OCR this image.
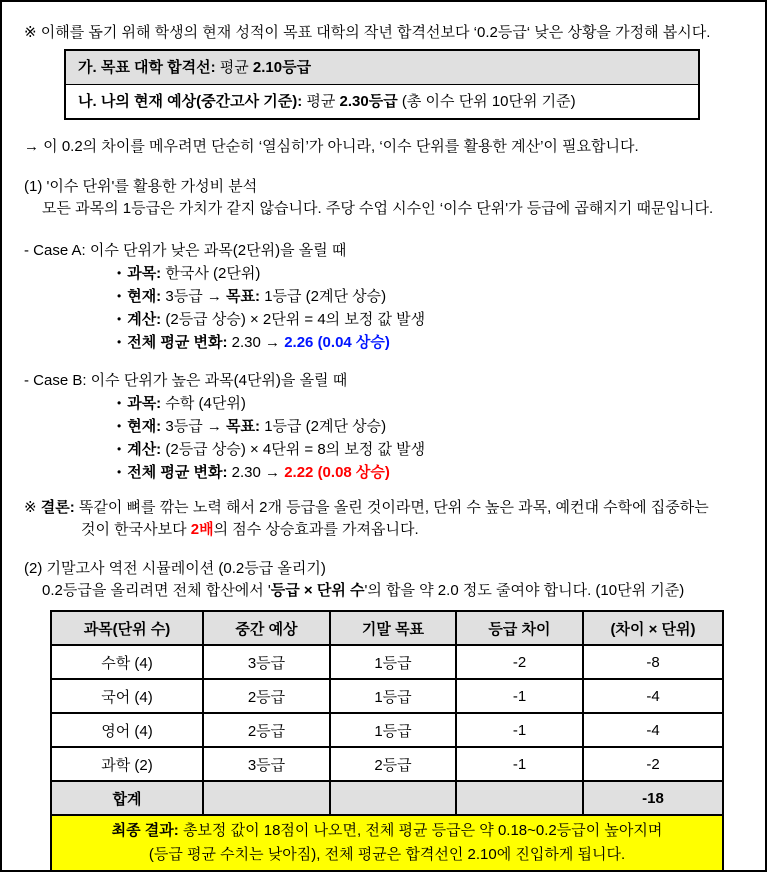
※ 이해를 돕기 위해 학생의 현재 성적이 목표 대학의 작년 합격선보다 ‘0.2등급‘ 낮은 상황을 가정해 봅시다.
가. 목표 대학 합격선: 평균 2.10등급
나. 나의 현재 예상(중간고사 기준): 평균 2.30등급 (총 이수 단위 10단위 기준)
→ 이 0.2의 차이를 메우려면 단순히 ‘열심히’가 아니라, ‘이수 단위를 활용한 계산’이 필요합니다.
(1) '이수 단위'를 활용한 가성비 분석
모든 과목의 1등급은 가치가 같지 않습니다. 주당 수업 시수인 ‘이수 단위'가 등급에 곱해지기 때문입니다.
- Case A: 이수 단위가 낮은 과목(2단위)을 올릴 때
• 과목: 한국사 (2단위)
• 현재: 3등급 → 목표: 1등급 (2계단 상승)
• 계산: (2등급 상승) × 2단위 = 4의 보정 값 발생
• 전체 평균 변화: 2.30 → 2.26 (0.04 상승)
- Case B: 이수 단위가 높은 과목(4단위)을 올릴 때
• 과목: 수학 (4단위)
• 현재: 3등급 → 목표: 1등급 (2계단 상승)
• 계산: (2등급 상승) × 4단위 = 8의 보정 값 발생
• 전체 평균 변화: 2.30 → 2.22 (0.08 상승)
※ 결론: 똑같이 뼈를 깎는 노력 해서 2개 등급을 올린 것이라면, 단위 수 높은 과목, 예컨대 수학에 집중하는
것이 한국사보다 2배의 점수 상승효과를 가져옵니다.
(2) 기말고사 역전 시뮬레이션 (0.2등급 올리기)
0.2등급을 올리려면 전체 합산에서 '등급 × 단위 수'의 합을 약 2.0 정도 줄여야 합니다. (10단위 기준)
과목(단위 수)	중간 예상	기말 목표	등급 차이	(차이 × 단위)
수학 (4)	3등급	1등급	-2	-8
국어 (4)	2등급	1등급	-1	-4
영어 (4)	2등급	1등급	-1	-4
과학 (2)	3등급	2등급	-1	-2
합계				-18

최종 결과: 총보정 값이 18점이 나오면, 전체 평균 등급은 약 0.18~0.2등급이 높아지며
(등급 평균 수치는 낮아짐), 전체 평균은 합격선인 2.10에 진입하게 됩니다.				
